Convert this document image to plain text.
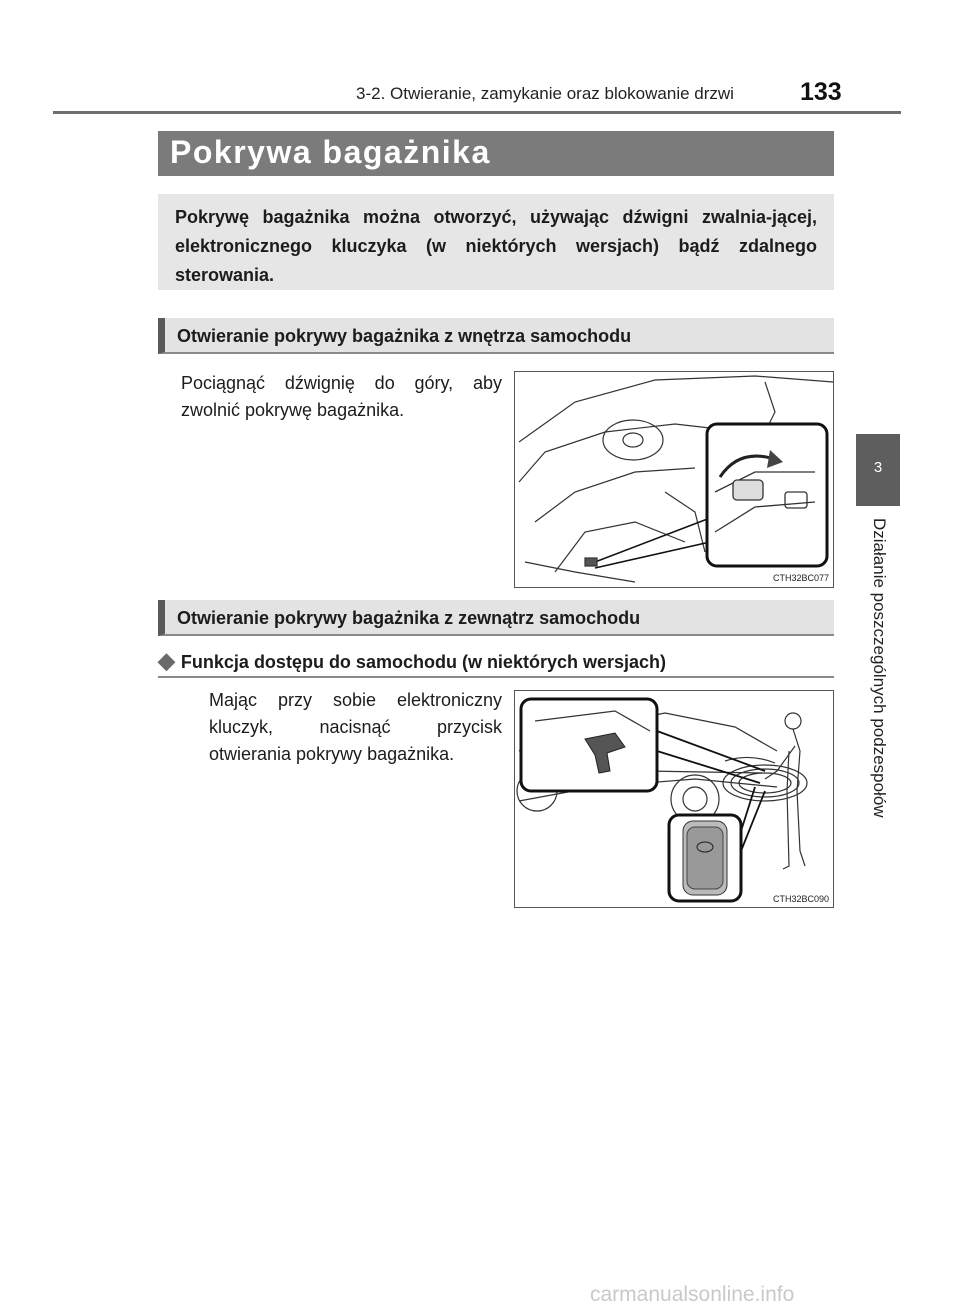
3-2. Otwieranie, zamykanie oraz blokowanie drzwi	133
3
Działanie poszczególnych podzespołów
Pokrywa bagażnika
Pokrywę bagażnika można otworzyć, używając dźwigni zwalnia-jącej, elektronicznego kluczyka (w niektórych wersjach) bądź zdalnego sterowania.
Otwieranie pokrywy bagażnika z wnętrza samochodu
Pociągnąć dźwignię do góry, aby zwolnić pokrywę bagażnika.
CTH32BC077
Otwieranie pokrywy bagażnika z zewnątrz samochodu
◆ Funkcja dostępu do samochodu (w niektórych wersjach)
Mając przy sobie elektroniczny kluczyk, nacisnąć przycisk otwierania pokrywy bagażnika.
CTH32BC090
carmanualsonline.info
